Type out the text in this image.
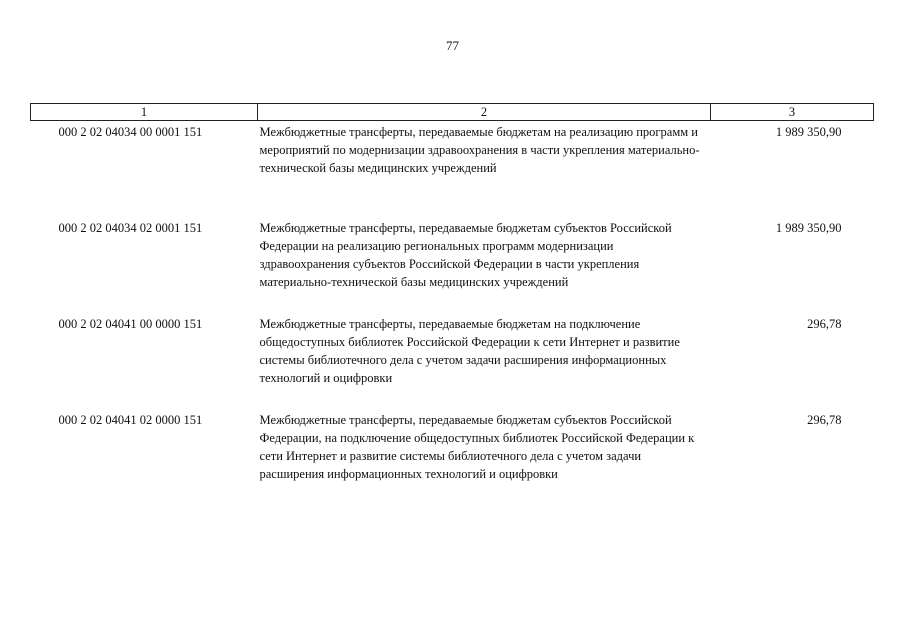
77
1	2	3
000 2 02 04034 00 0001 151	Межбюджетные трансферты, передаваемые бюджетам на реализацию программ и мероприятий по модернизации здравоохранения в части укрепления материально-технической базы медицинских учреждений	1 989 350,90
000 2 02 04034 02 0001 151	Межбюджетные трансферты, передаваемые бюджетам субъектов Российской Федерации на реализацию региональных программ модернизации здравоохранения субъектов Российской Федерации в части укрепления материально-технической базы медицинских учреждений	1 989 350,90
000 2 02 04041 00 0000 151	Межбюджетные трансферты, передаваемые бюджетам на подключение общедоступных библиотек Российской Федерации к сети Интернет и развитие системы библиотечного дела с учетом задачи расширения информационных технологий и оцифровки	296,78
000 2 02 04041 02 0000 151	Межбюджетные трансферты, передаваемые бюджетам субъектов Российской Федерации, на подключение общедоступных библиотек Российской Федерации к сети Интернет и развитие системы библиотечного дела с учетом задачи расширения информационных технологий и оцифровки	296,78
